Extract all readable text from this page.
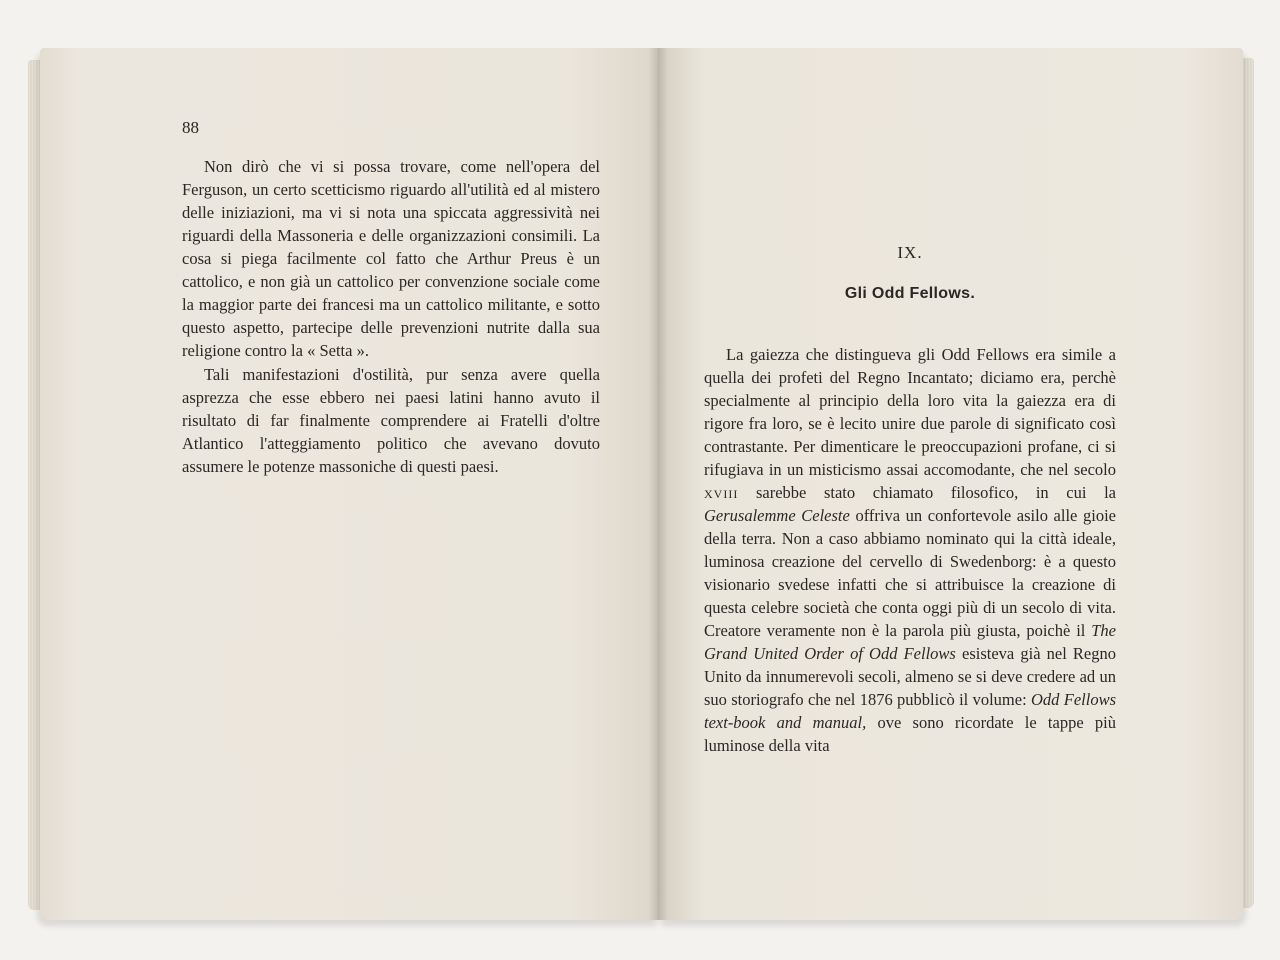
88

Non dirò che vi si possa trovare, come nell'opera del Ferguson, un certo scetticismo riguardo all'utilità ed al mistero delle iniziazioni, ma vi si nota una spiccata aggressività nei riguardi della Massoneria e delle organizzazioni consimili. La cosa si piega facilmente col fatto che Arthur Preus è un cattolico, e non già un cattolico per convenzione sociale come la maggior parte dei francesi ma un cattolico militante, e sotto questo aspetto, partecipe delle prevenzioni nutrite dalla sua religione contro la « Setta ».

Tali manifestazioni d'ostilità, pur senza avere quella asprezza che esse ebbero nei paesi latini hanno avuto il risultato di far finalmente comprendere ai Fratelli d'oltre Atlantico l'atteggiamento politico che avevano dovuto assumere le potenze massoniche di questi paesi.

IX.
Gli Odd Fellows.

La gaiezza che distingueva gli Odd Fellows era simile a quella dei profeti del Regno Incantato; diciamo era, perchè specialmente al principio della loro vita la gaiezza era di rigore fra loro, se è lecito unire due parole di significato così contrastante. Per dimenticare le preoccupazioni profane, ci si rifugiava in un misticismo assai accomodante, che nel secolo xviii sarebbe stato chiamato filosofico, in cui la Gerusalemme Celeste offriva un confortevole asilo alle gioie della terra. Non a caso abbiamo nominato qui la città ideale, luminosa creazione del cervello di Swedenborg: è a questo visionario svedese infatti che si attribuisce la creazione di questa celebre società che conta oggi più di un secolo di vita. Creatore veramente non è la parola più giusta, poichè il The Grand United Order of Odd Fellows esisteva già nel Regno Unito da innumerevoli secoli, almeno se si deve credere ad un suo storiografo che nel 1876 pubblicò il volume: Odd Fellows text-book and manual, ove sono ricordate le tappe più luminose della vita
